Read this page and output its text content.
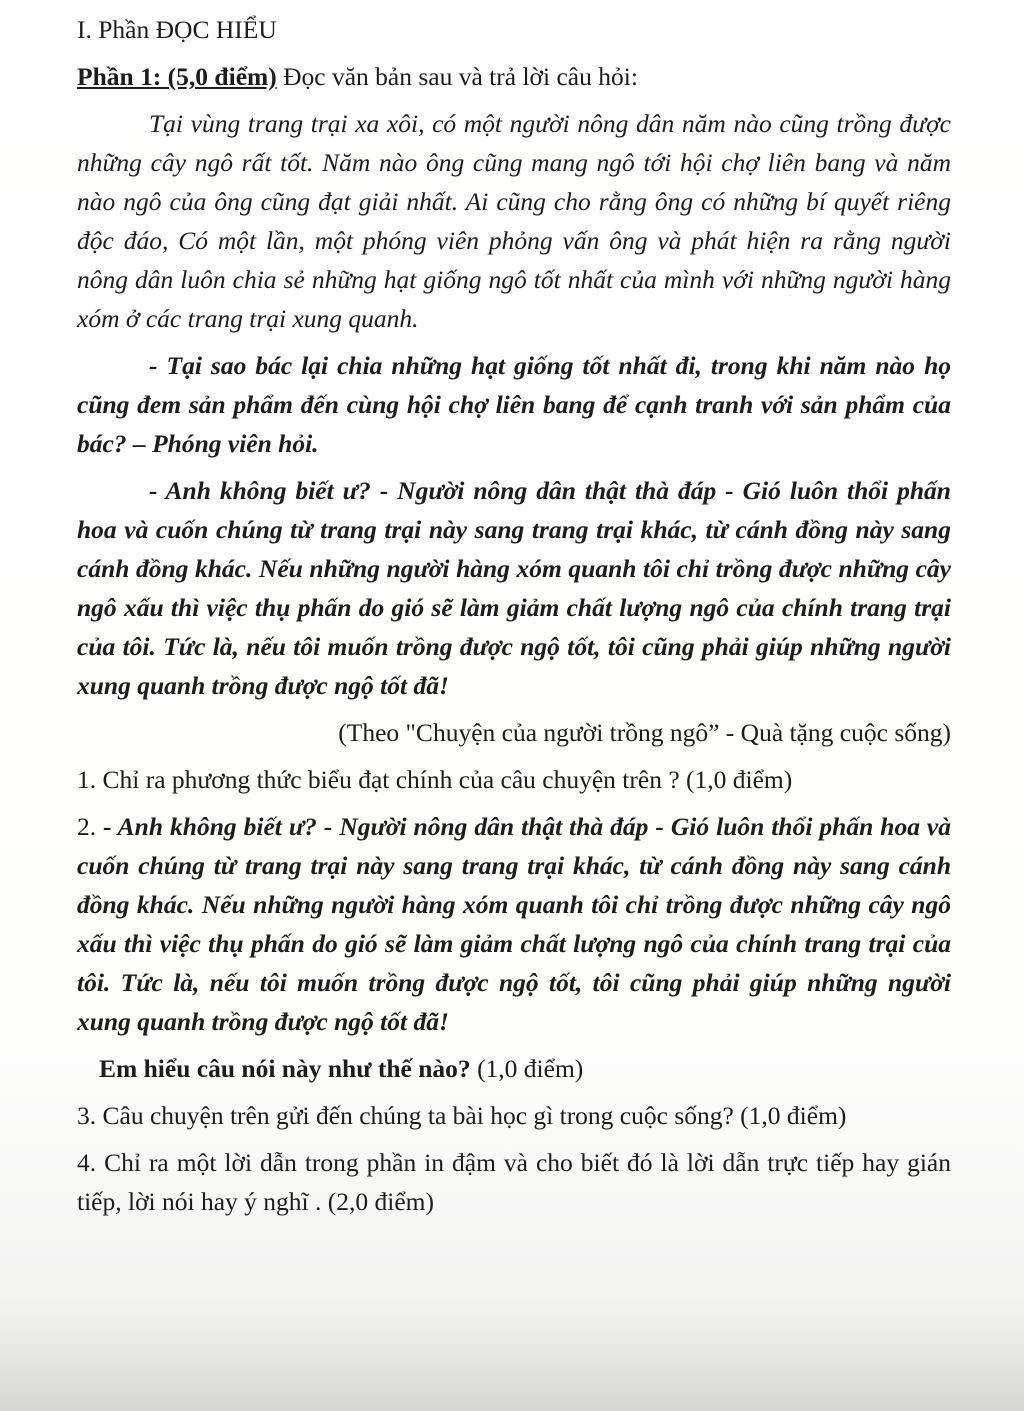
I. Phần ĐỌC HIỂU
Phần 1: (5,0 điểm) Đọc văn bản sau và trả lời câu hỏi:
Tại vùng trang trại xa xôi, có một người nông dân năm nào cũng trồng được những cây ngô rất tốt. Năm nào ông cũng mang ngô tới hội chợ liên bang và năm nào ngô của ông cũng đạt giải nhất. Ai cũng cho rằng ông có những bí quyết riêng độc đáo, Có một lần, một phóng viên phỏng vấn ông và phát hiện ra rằng người nông dân luôn chia sẻ những hạt giống ngô tốt nhất của mình với những người hàng xóm ở các trang trại xung quanh.
- Tại sao bác lại chia những hạt giống tốt nhất đi, trong khi năm nào họ cũng đem sản phẩm đến cùng hội chợ liên bang để cạnh tranh với sản phẩm của bác? – Phóng viên hỏi.
- Anh không biết ư? - Người nông dân thật thà đáp - Gió luôn thổi phấn hoa và cuốn chúng từ trang trại này sang trang trại khác, từ cánh đồng này sang cánh đồng khác. Nếu những người hàng xóm quanh tôi chỉ trồng được những cây ngô xấu thì việc thụ phấn do gió sẽ làm giảm chất lượng ngô của chính trang trại của tôi. Tức là, nếu tôi muốn trồng được ngộ tốt, tôi cũng phải giúp những người xung quanh trồng được ngộ tốt đã!
(Theo "Chuyện của người trồng ngô” - Quà tặng cuộc sống)
1. Chỉ ra phương thức biểu đạt chính của câu chuyện trên ? (1,0 điểm)
2. - Anh không biết ư? - Người nông dân thật thà đáp - Gió luôn thổi phấn hoa và cuốn chúng từ trang trại này sang trang trại khác, từ cánh đồng này sang cánh đồng khác. Nếu những người hàng xóm quanh tôi chỉ trồng được những cây ngô xấu thì việc thụ phấn do gió sẽ làm giảm chất lượng ngô của chính trang trại của tôi. Tức là, nếu tôi muốn trồng được ngộ tốt, tôi cũng phải giúp những người xung quanh trồng được ngộ tốt đã!
Em hiểu câu nói này như thế nào? (1,0 điểm)
3. Câu chuyện trên gửi đến chúng ta bài học gì trong cuộc sống? (1,0 điểm)
4. Chỉ ra một lời dẫn trong phần in đậm và cho biết đó là lời dẫn trực tiếp hay gián tiếp, lời nói hay ý nghĩ . (2,0 điểm)
